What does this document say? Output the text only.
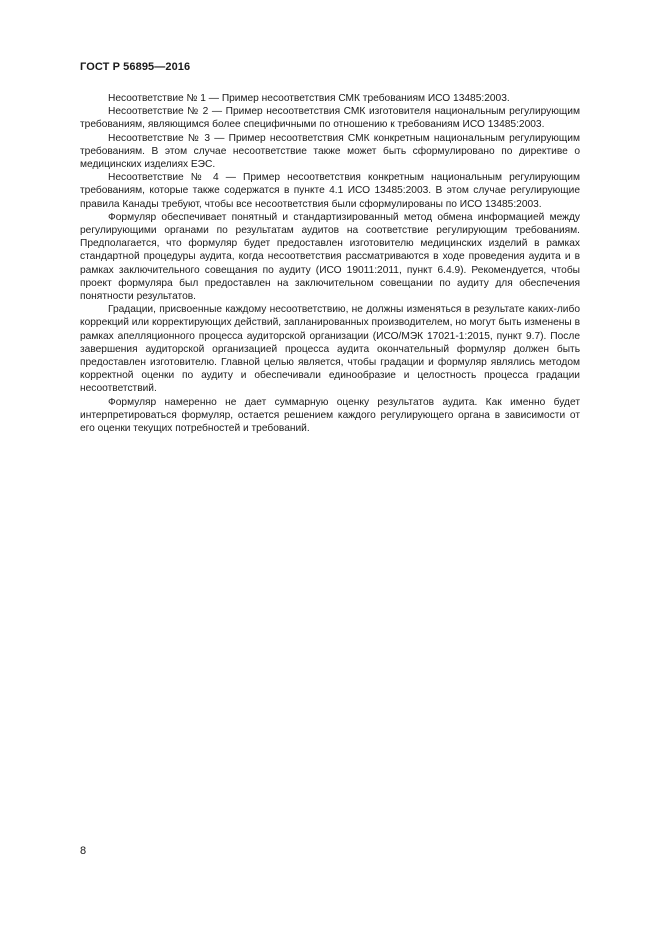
ГОСТ Р 56895—2016

Несоответствие № 1 — Пример несоответствия СМК требованиям ИСО 13485:2003.

Несоответствие № 2 — Пример несоответствия СМК изготовителя национальным регулирующим требованиям, являющимся более специфичными по отношению к требованиям ИСО 13485:2003.

Несоответствие № 3 — Пример несоответствия СМК конкретным национальным регулирующим требованиям. В этом случае несоответствие также может быть сформулировано по директиве о медицинских изделиях ЕЭС.

Несоответствие № 4 — Пример несоответствия конкретным национальным регулирующим требованиям, которые также содержатся в пункте 4.1 ИСО 13485:2003. В этом случае регулирующие правила Канады требуют, чтобы все несоответствия были сформулированы по ИСО 13485:2003.

Формуляр обеспечивает понятный и стандартизированный метод обмена информацией между регулирующими органами по результатам аудитов на соответствие регулирующим требованиям. Предполагается, что формуляр будет предоставлен изготовителю медицинских изделий в рамках стандартной процедуры аудита, когда несоответствия рассматриваются в ходе проведения аудита и в рамках заключительного совещания по аудиту (ИСО 19011:2011, пункт 6.4.9). Рекомендуется, чтобы проект формуляра был предоставлен на заключительном совещании по аудиту для обеспечения понятности результатов.

Градации, присвоенные каждому несоответствию, не должны изменяться в результате каких-либо коррекций или корректирующих действий, запланированных производителем, но могут быть изменены в рамках апелляционного процесса аудиторской организации (ИСО/МЭК 17021-1:2015, пункт 9.7). После завершения аудиторской организацией процесса аудита окончательный формуляр должен быть предоставлен изготовителю. Главной целью является, чтобы градации и формуляр являлись методом корректной оценки по аудиту и обеспечивали единообразие и целостность процесса градации несоответствий.

Формуляр намеренно не дает суммарную оценку результатов аудита. Как именно будет интерпретироваться формуляр, остается решением каждого регулирующего органа в зависимости от его оценки текущих потребностей и требований.

8
